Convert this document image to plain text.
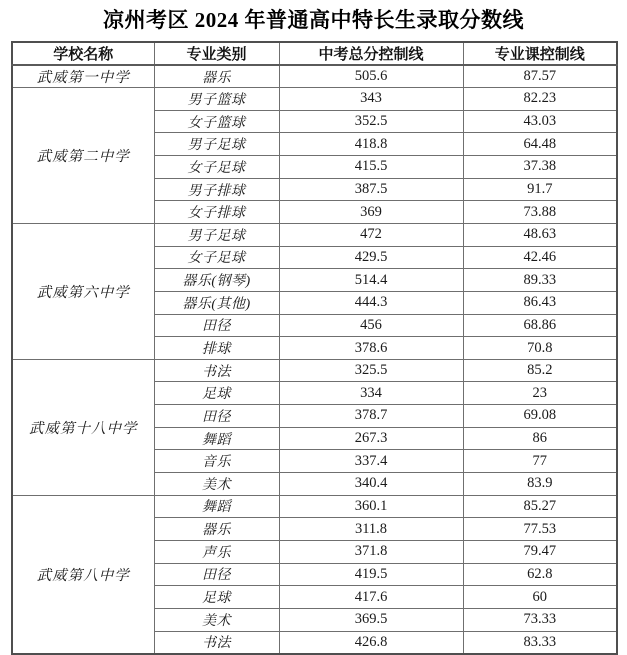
凉州考区 2024 年普通高中特长生录取分数线
学校名称	专业类别	中考总分控制线	专业课控制线
武威第一中学	器乐	505.6	87.57
武威第二中学	男子篮球	343	82.23
	女子篮球	352.5	43.03
	男子足球	418.8	64.48
	女子足球	415.5	37.38
	男子排球	387.5	91.7
	女子排球	369	73.88
武威第六中学	男子足球	472	48.63
	女子足球	429.5	42.46
	器乐(钢琴)	514.4	89.33
	器乐(其他)	444.3	86.43
	田径	456	68.86
	排球	378.6	70.8
武威第十八中学	书法	325.5	85.2
	足球	334	23
	田径	378.7	69.08
	舞蹈	267.3	86
	音乐	337.4	77
	美术	340.4	83.9
武威第八中学	舞蹈	360.1	85.27
	器乐	311.8	77.53
	声乐	371.8	79.47
	田径	419.5	62.8
	足球	417.6	60
	美术	369.5	73.33
	书法	426.8	83.33
